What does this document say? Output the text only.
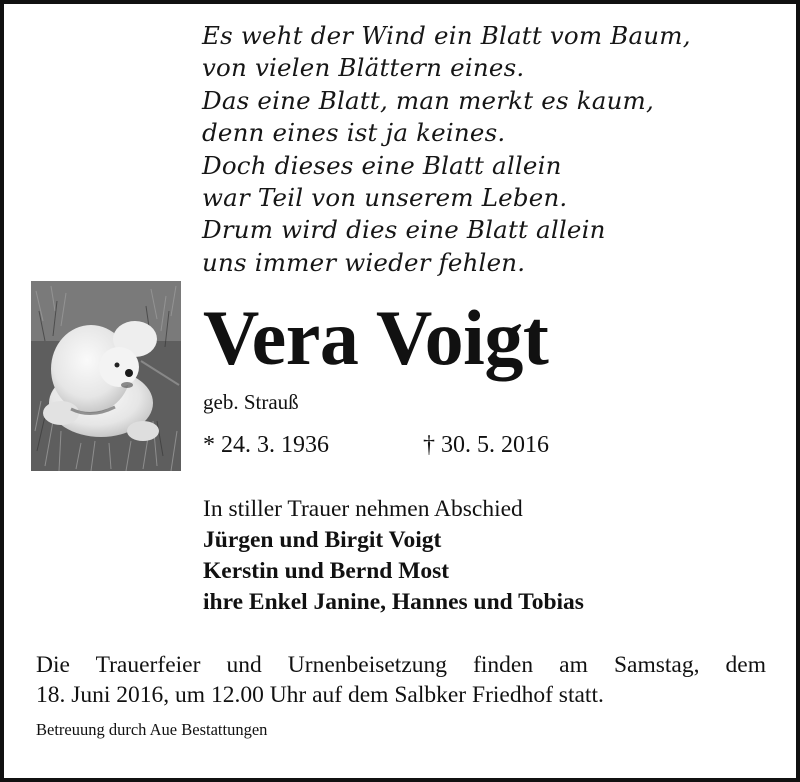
Es weht der Wind ein Blatt vom Baum,
von vielen Blättern eines.
Das eine Blatt, man merkt es kaum,
denn eines ist ja keines.
Doch dieses eine Blatt allein
war Teil von unserem Leben.
Drum wird dies eine Blatt allein
uns immer wieder fehlen.
Vera Voigt
geb. Strauß
* 24. 3. 1936	† 30. 5. 2016
In stiller Trauer nehmen Abschied
Jürgen und Birgit Voigt
Kerstin und Bernd Most
ihre Enkel Janine, Hannes und Tobias
Die Trauerfeier und Urnenbeisetzung finden am Samstag, dem
18. Juni 2016, um 12.00 Uhr auf dem Salbker Friedhof statt.
Betreuung durch Aue Bestattungen
